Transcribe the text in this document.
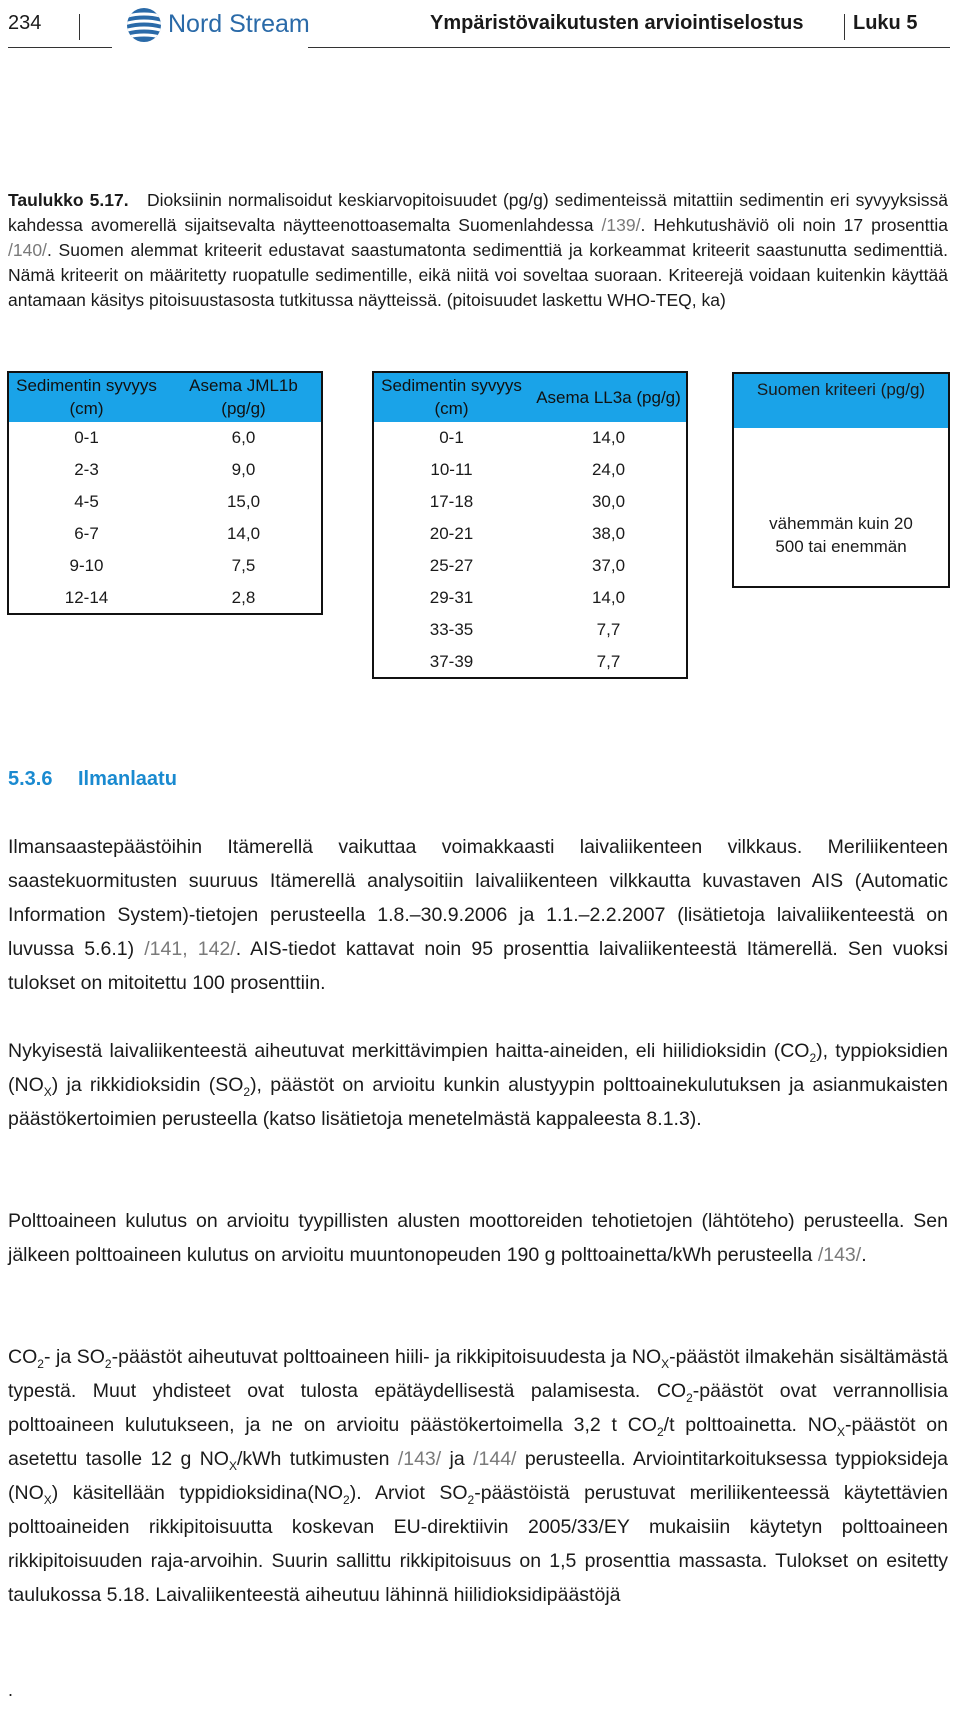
234	Nord Stream	Ympäristövaikutusten arviointiselostus Luku 5
Taulukko 5.17. Dioksiinin normalisoidut keskiarvopitoisuudet (pg/g) sedimenteissä mitattiin sedimentin eri syvyyksissä kahdessa avomerellä sijaitsevalta näytteenottoasemalta Suomenlahdessa /139/. Hehkutushäviö oli noin 17 prosenttia /140/. Suomen alemmat kriteerit edustavat saastumatonta sedimenttiä ja korkeammat kriteerit saastunutta sedimenttiä. Nämä kriteerit on määritetty ruopatulle sedimentille, eikä niitä voi soveltaa suoraan. Kriteerejä voidaan kuitenkin käyttää antamaan käsitys pitoisuustasosta tutkitussa näytteissä. (pitoisuudet laskettu WHO-TEQ, ka)
Sedimentin syvyys (cm)	Asema JML1b (pg/g)
0-1	6,0
2-3	9,0
4-5	15,0
6-7	14,0
9-10	7,5
12-14	2,8
Sedimentin syvyys (cm)	Asema LL3a (pg/g)
0-1	14,0
10-11	24,0
17-18	30,0
20-21	38,0
25-27	37,0
29-31	14,0
33-35	7,7
37-39	7,7
Suomen kriteeri (pg/g)
vähemmän kuin 20
500 tai enemmän
5.3.6 Ilmanlaatu
Ilmansaastepäästöihin Itämerellä vaikuttaa voimakkaasti laivaliikenteen vilkkaus. Meriliikenteen saastekuormitusten suuruus Itämerellä analysoitiin laivaliikenteen vilkkautta kuvastaven AIS (Automatic Information System)-tietojen perusteella 1.8.–30.9.2006 ja 1.1.–2.2.2007 (lisätietoja laivaliikenteestä on luvussa 5.6.1) /141, 142/. AIS-tiedot kattavat noin 95 prosenttia laivaliikenteestä Itämerellä. Sen vuoksi tulokset on mitoitettu 100 prosenttiin.
Nykyisestä laivaliikenteestä aiheutuvat merkittävimpien haitta-aineiden, eli hiilidioksidin $(CO_2)$, typpioksidien $(NO_X)$ ja rikkidioksidin $(SO_2)$, päästöt on arvioitu kunkin alustyypin polttoainekulutuksen ja asianmukaisten päästökertoimien perusteella (katso lisätietoja menetelmästä kappaleesta 8.1.3).
Polttoaineen kulutus on arvioitu tyypillisten alusten moottoreiden tehotietojen (lähtöteho) perusteella. Sen jälkeen polttoaineen kulutus on arvioitu muuntonopeuden 190 g polttoainetta/kWh perusteella /143/.
$CO_2-$ ja $SO_2$-päästöt aiheutuvat polttoaineen hiili- ja rikkipitoisuudesta ja $NO_X$-päästöt ilmakehän sisältämästä typestä. Muut yhdisteet ovat tulosta epätäydellisestä palamisesta. $CO_2$-päästöt ovat verrannollisia polttoaineen kulutukseen, ja ne on arvioitu päästökertoimella 3,2 t $CO_2/t$ polttoainetta. $NO_X$-päästöt on asetettu tasolle 12 g $NO_X$/kWh tutkimusten /143/ ja /144/ perusteella. Arviointitarkoituksessa typpioksideja $(NO_X)$ käsitellään $typpidioksidina(NO_2)$. Arviot $SO_2$-päästöistä perustuvat meriliikenteessä käytettävien polttoaineiden rikkipitoisuutta koskevan EU-direktiivin 2005/33/EY mukaisiin käytetyn polttoaineen rikkipitoisuuden raja-arvoihin. Suurin sallittu rikkipitoisuus on 1,5 prosenttia massasta. Tulokset on esitetty taulukossa 5.18. Laivaliikenteestä aiheutuu lähinnä hiilidioksidipäästöjä
.
